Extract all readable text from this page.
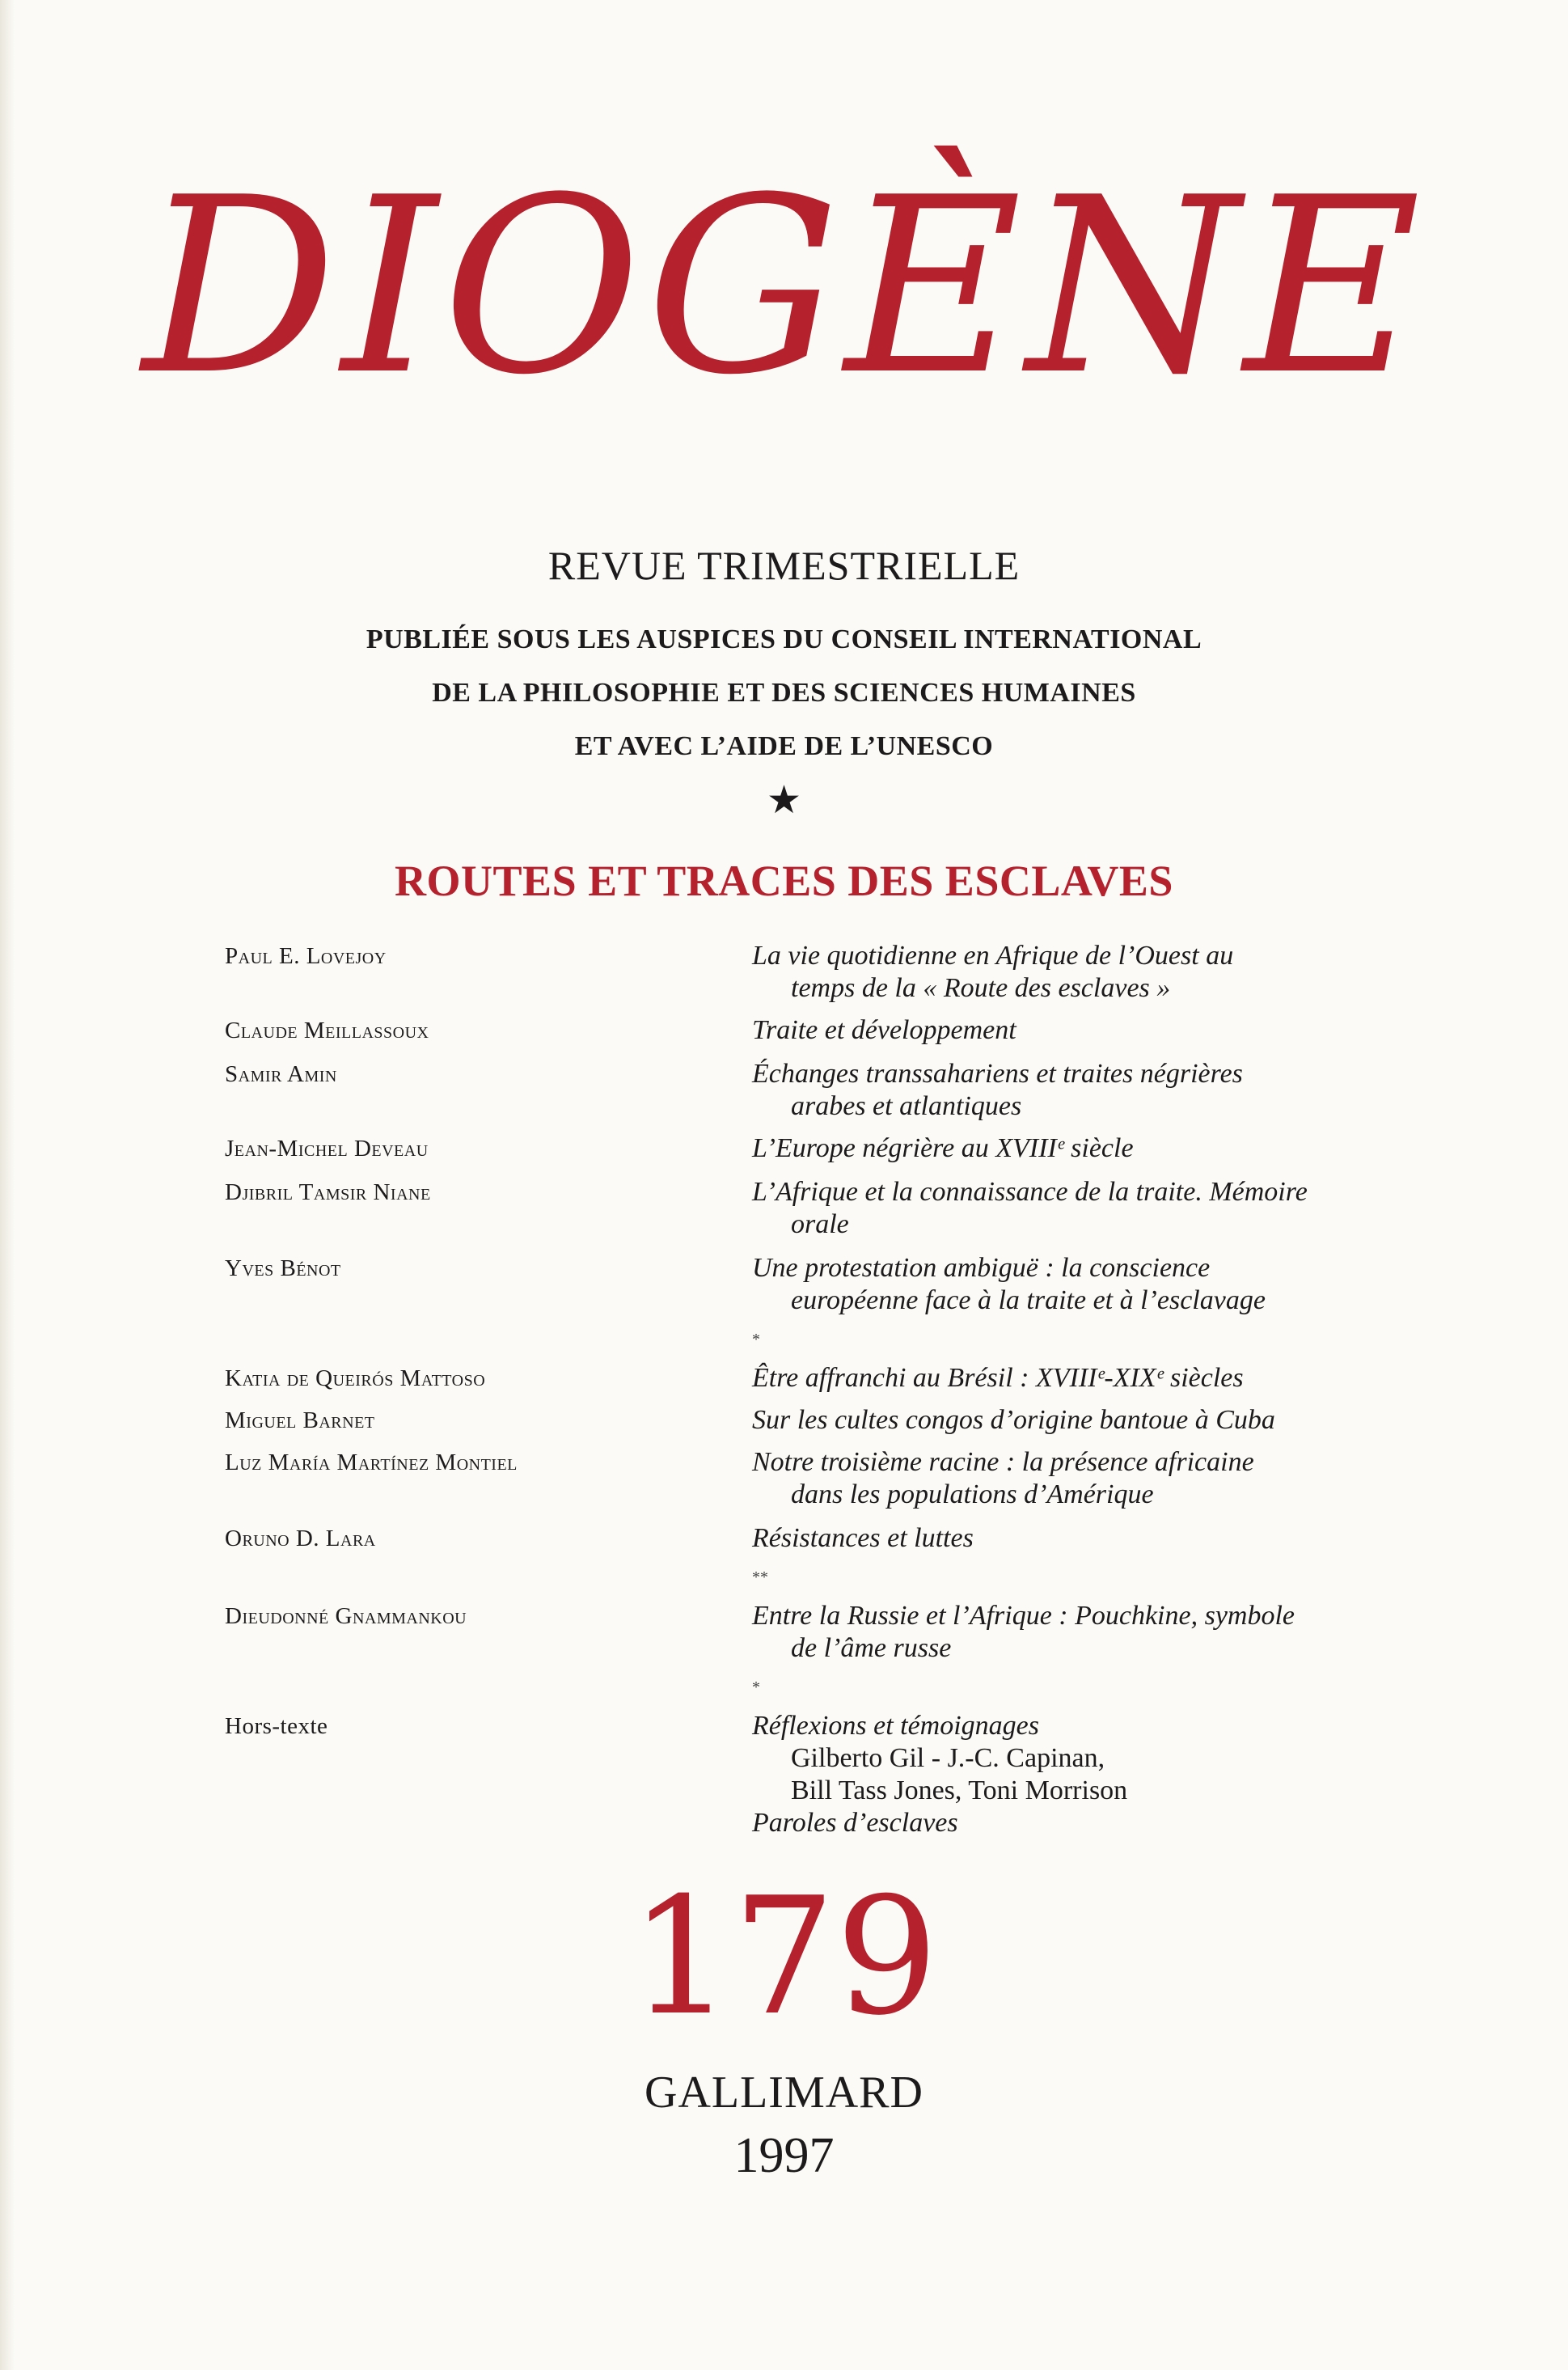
DIOGÈNE
REVUE TRIMESTRIELLE
PUBLIÉE SOUS LES AUSPICES DU CONSEIL INTERNATIONAL
DE LA PHILOSOPHIE ET DES SCIENCES HUMAINES
ET AVEC L’AIDE DE L’UNESCO
★
ROUTES ET TRACES DES ESCLAVES
Paul E. Lovejoy	La vie quotidienne en Afrique de l’Ouest au
temps de la « Route des esclaves »
Claude Meillassoux	Traite et développement
Samir Amin	Échanges transsahariens et traites négrières
arabes et atlantiques
Jean-Michel Deveau	L’Europe négrière au XVIIIᵉ siècle
Djibril Tamsir Niane	L’Afrique et la connaissance de la traite. Mémoire
orale
Yves Bénot	Une protestation ambiguë : la conscience
européenne face à la traite et à l’esclavage
*
Katia de Queirós Mattoso	Être affranchi au Brésil : XVIIIᵉ-XIXᵉ siècles
Miguel Barnet	Sur les cultes congos d’origine bantoue à Cuba
Luz María Martínez Montiel	Notre troisième racine : la présence africaine
dans les populations d’Amérique
Oruno D. Lara	Résistances et luttes
**
Dieudonné Gnammankou	Entre la Russie et l’Afrique : Pouchkine, symbole
de l’âme russe
*
Hors-texte	Réflexions et témoignages
Gilberto Gil - J.-C. Capinan,
Bill Tass Jones, Toni Morrison
Paroles d’esclaves
179
GALLIMARD
1997
